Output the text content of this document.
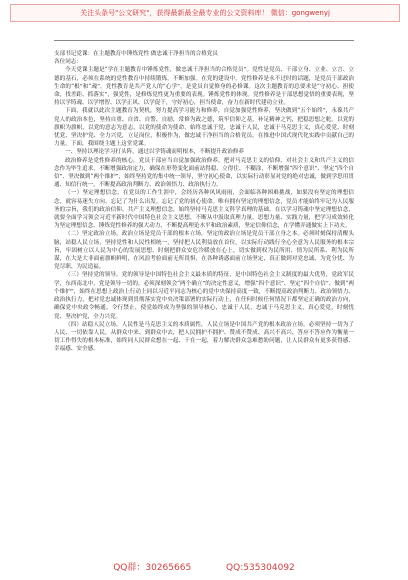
关注头条号"公文研究"，获得最新最全最专业的公文资料库！ 微信：gongwenyj

支部书记党课：在主题教育中锤炼党性 做忠诚干净担当的合格党员

各位同志：

今天党课主题是“学在主题教育中锤炼党性，做忠诚干净担当的合格党员”。党性是党员、干部立身、立业、立言、立德的基石，必须在系统的党性教育中持续锻炼。不断加强。在党的建设中，党性修养是永不过时的话题，是党员干部政治生命的“根”和“魂”。党性教育是共产党人的“心学”，是党员自觉修身的必修课。这次主题教育的总要求是“守初心、担使命，找差距、抓落实”，强党性，是修炼党性更为重要的表现。锤炼党性的体现。党性修养是干部思想觉悟的重要表现，坚持以学铸魂、以学增智、以学正风、以学促干，守好初心，担当使命，奋力在新时代建功立业。

下面，我就以此次主题教育为契机，努力提高学习能力和修养，自觉加强党性修养，坚决做到“五个始终”，永葆共产党人的政治本色，坚持自重、自省、自警、自励，常修为政之德，筑牢信仰之基，补足精神之钙，把稳思想之舵。以党的旗帜为旗帜，以党的意志为意志，以党的使命为使命，始终忠诚于党，忠诚于人民，忠诚于马克思主义，真心爱党、时刻忧党、坚决护党、全力兴党，立足岗位，积极作为，做忠诚干净担当的合格党员，在推进中国式现代化实践中贡献自己的力量。下面，我围绕主题上这堂党课。

一、坚持以理论学习打头阵，通过以学铸魂而明根本，不断提升政治修养

政治修养是党性修养的核心，党员干部应当自觉加强政治修养，把对马克思主义的信仰、对社会主义和共产主义的信念作为毕生追求，不断增强政治定力，确保在形势变化面前站得稳、立得住、不糊涂，不断增强“四个意识”、坚定“四个自信”、坚决做到“两个维护”，始终坚持党的集中统一领导，坚守初心使命，以实际行动彰显对党的绝对忠诚，做到学思用贯通、知信行统一，不断提高政治判断力、政治领悟力、政治执行力。

（一）坚定理想信念。在党员的工作生涯中，会经历各种风风雨雨，会面临各种困难挑战，如果没有坚定的理想信念，就容易迷失方向、忘记了为什么出发。忘记了党的初心使命。唯有拥有坚定的理想信念，党员才能始终牢记为人民服务的宗旨，我们的政治信仰、共产主义理想信念，始终坚持马克思主义科学真理的基础。在以学习铸魂中坚定理想信念，就要全面学习领会习近平新时代中国特色社会主义思想，不断从中汲取真理力量、思想力量、实践力量，把学习成效转化为坚定理想信念、锤炼党性修养的强大动力，不断提高理论水平和政治素质，坚定信仰信念，在学懂弄通做实上下功夫。

（二）坚定政治立场。政治立场是党员干部的根本立场，坚定的政治立场是党员干部立身之本。必须时刻保持清醒头脑，站稳人民立场，坚持党性和人民性相统一，坚持把人民利益放在首位，以实际行动践行全心全意为人民服务的根本宗旨，牢固树立以人民为中心的发展思想，时刻把群众安危冷暖放在心上，切实做到权为民所用、情为民所系、利为民所谋，在大是大非面前旗帜鲜明，在风浪考验面前无所畏惧，在各种诱惑面前立场坚定，真正做到对党忠诚、为党分忧、为党尽职、为民造福。

（三）坚持党的领导。党的领导是中国特色社会主义最本质的特征，是中国特色社会主义制度的最大优势，党政军民学，东西南北中，党是领导一切的。必须深刻领会“两个确立”的决定性意义，增强“四个意识”、坚定“四个自信”、做到“两个维护”，始终在思想上政治上行动上同以习近平同志为核心的党中央保持高度一致，不断提高政治判断力、政治领悟力、政治执行力，把对党忠诚体现到贯彻落实党中央决策部署的实际行动上，在任何时候任何情况下都坚定正确的政治方向，确保党中央政令畅通、令行禁止，使党始终成为坚强的领导核心，忠诚于人民，忠诚于马克思主义，真心爱党，时刻忧党、坚决护党，全力兴党。

（四）站稳人民立场。人民性是马克思主义的本质属性，人民立场是中国共产党的根本政治立场。必须坚持一切为了人民、一切依靠人民，从群众中来、到群众中去，把人民拥护不拥护、赞成不赞成、高兴不高兴、答应不答应作为衡量一切工作得失的根本标准，始终同人民群众想在一起、干在一起，着力解决群众急难愁盼问题，让人民群众有更多获得感、幸福感、安全感。

QQ群：30265665	QQ:535304092
